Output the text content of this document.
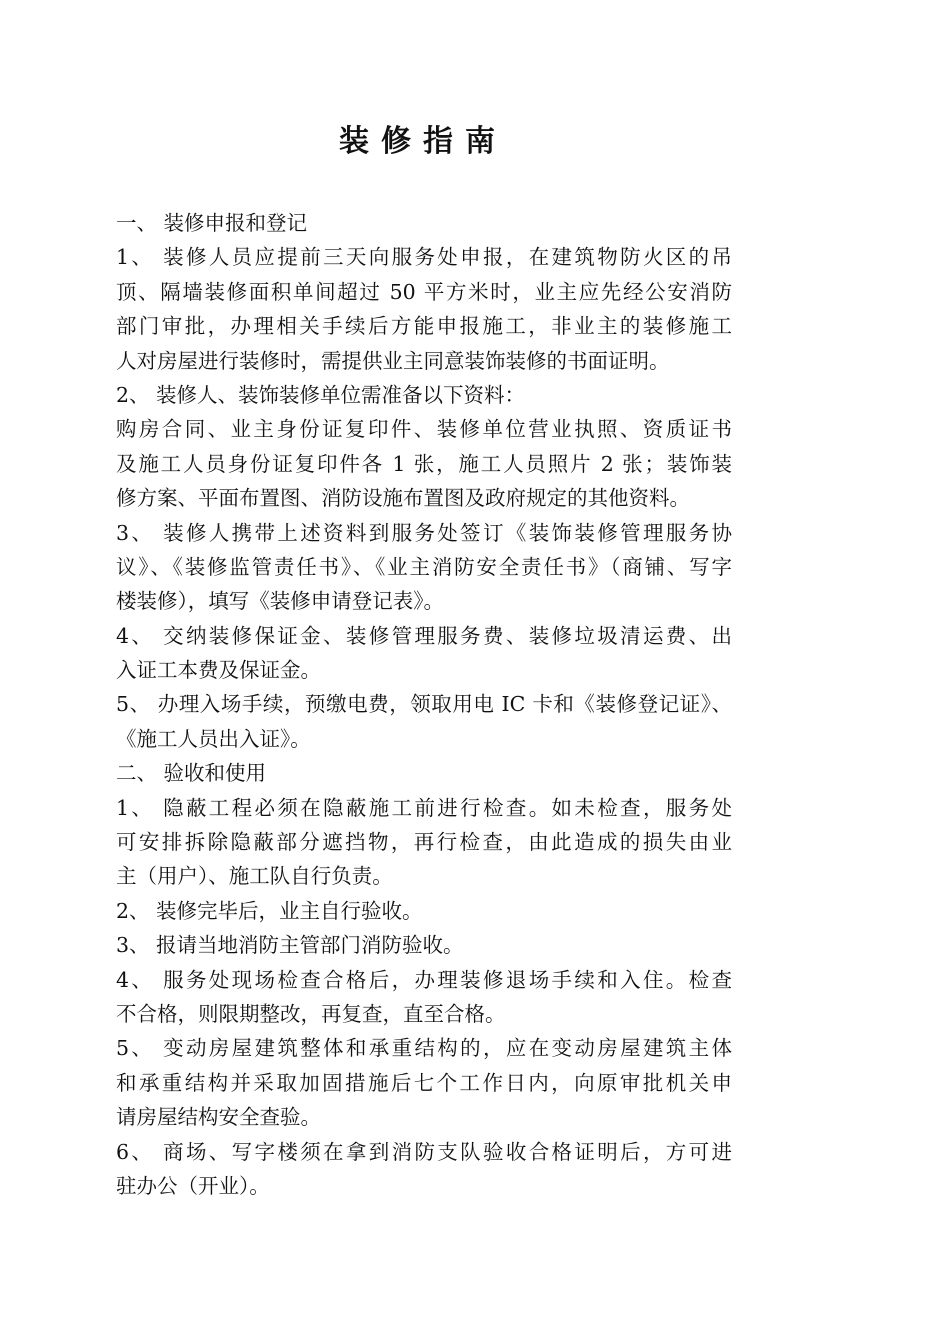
装修指南
一、 装修申报和登记
1、 装修人员应提前三天向服务处申报，在建筑物防火区的吊
顶、隔墙装修面积单间超过 50 平方米时，业主应先经公安消防
部门审批，办理相关手续后方能申报施工，非业主的装修施工
人对房屋进行装修时，需提供业主同意装饰装修的书面证明。
2、 装修人、装饰装修单位需准备以下资料：
购房合同、业主身份证复印件、装修单位营业执照、资质证书
及施工人员身份证复印件各 1 张，施工人员照片 2 张；装饰装
修方案、平面布置图、消防设施布置图及政府规定的其他资料。
3、 装修人携带上述资料到服务处签订《装饰装修管理服务协
议》、《装修监管责任书》、《业主消防安全责任书》（商铺、写字
楼装修），填写《装修申请登记表》。
4、 交纳装修保证金、装修管理服务费、装修垃圾清运费、出
入证工本费及保证金。
5、 办理入场手续，预缴电费，领取用电 IC 卡和《装修登记证》、
《施工人员出入证》。
二、 验收和使用
1、 隐蔽工程必须在隐蔽施工前进行检查。如未检查，服务处
可安排拆除隐蔽部分遮挡物，再行检查，由此造成的损失由业
主（用户）、施工队自行负责。
2、 装修完毕后，业主自行验收。
3、 报请当地消防主管部门消防验收。
4、 服务处现场检查合格后，办理装修退场手续和入住。检查
不合格，则限期整改，再复查，直至合格。
5、 变动房屋建筑整体和承重结构的，应在变动房屋建筑主体
和承重结构并采取加固措施后七个工作日内，向原审批机关申
请房屋结构安全查验。
6、 商场、写字楼须在拿到消防支队验收合格证明后，方可进
驻办公（开业）。
